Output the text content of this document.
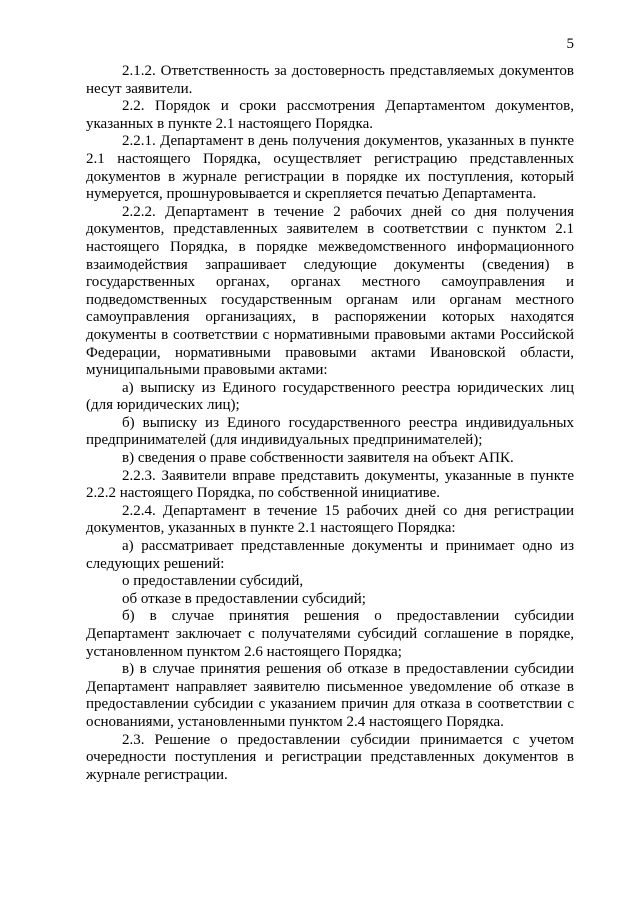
5

2.1.2. Ответственность за достоверность представляемых документов несут заявители.

2.2. Порядок и сроки рассмотрения Департаментом документов, указанных в пункте 2.1 настоящего Порядка.

2.2.1. Департамент в день получения документов, указанных в пункте 2.1 настоящего Порядка, осуществляет регистрацию представленных документов в журнале регистрации в порядке их поступления, который нумеруется, прошнуровывается и скрепляется печатью Департамента.

2.2.2. Департамент в течение 2 рабочих дней со дня получения документов, представленных заявителем в соответствии с пунктом 2.1 настоящего Порядка, в порядке межведомственного информационного взаимодействия запрашивает следующие документы (сведения) в государственных органах, органах местного самоуправления и подведомственных государственным органам или органам местного самоуправления организациях, в распоряжении которых находятся документы в соответствии с нормативными правовыми актами Российской Федерации, нормативными правовыми актами Ивановской области, муниципальными правовыми актами:

а) выписку из Единого государственного реестра юридических лиц (для юридических лиц);

б) выписку из Единого государственного реестра индивидуальных предпринимателей (для индивидуальных предпринимателей);

в) сведения о праве собственности заявителя на объект АПК.

2.2.3. Заявители вправе представить документы, указанные в пункте 2.2.2 настоящего Порядка, по собственной инициативе.

2.2.4. Департамент в течение 15 рабочих дней со дня регистрации документов, указанных в пункте 2.1 настоящего Порядка:

а) рассматривает представленные документы и принимает одно из следующих решений:

о предоставлении субсидий,

об отказе в предоставлении субсидий;

б) в случае принятия решения о предоставлении субсидии Департамент заключает с получателями субсидий соглашение в порядке, установленном пунктом 2.6 настоящего Порядка;

в) в случае принятия решения об отказе в предоставлении субсидии Департамент направляет заявителю письменное уведомление об отказе в предоставлении субсидии с указанием причин для отказа в соответствии с основаниями, установленными пунктом 2.4 настоящего Порядка.

2.3. Решение о предоставлении субсидии принимается с учетом очередности поступления и регистрации представленных документов в журнале регистрации.
